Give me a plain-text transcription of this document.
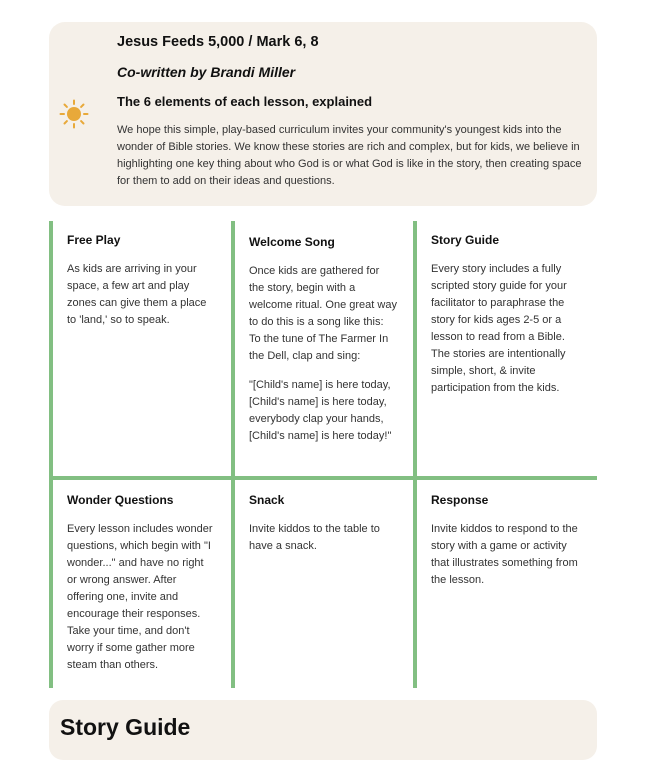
Jesus Feeds 5,000 / Mark 6, 8

Co-written by Brandi Miller

The 6 elements of each lesson, explained

We hope this simple, play-based curriculum invites your community's youngest kids into the wonder of Bible stories. We know these stories are rich and complex, but for kids, we believe in highlighting one key thing about who God is or what God is like in the story, then creating space for them to add on their ideas and questions.

Free Play

As kids are arriving in your space, a few art and play zones can give them a place to 'land,' so to speak.

Welcome Song

Once kids are gathered for the story, begin with a welcome ritual. One great way to do this is a song like this: To the tune of The Farmer In the Dell, clap and sing:

"[Child's name] is here today, [Child's name] is here today, everybody clap your hands, [Child's name] is here today!"

Story Guide

Every story includes a fully scripted story guide for your facilitator to paraphrase the story for kids ages 2-5 or a lesson to read from a Bible. The stories are intentionally simple, short, & invite participation from the kids.

Wonder Questions

Every lesson includes wonder questions, which begin with "I wonder..." and have no right or wrong answer. After offering one, invite and encourage their responses. Take your time, and don't worry if some gather more steam than others.

Snack

Invite kiddos to the table to have a snack.

Response

Invite kiddos to respond to the story with a game or activity that illustrates something from the lesson.

Story Guide
